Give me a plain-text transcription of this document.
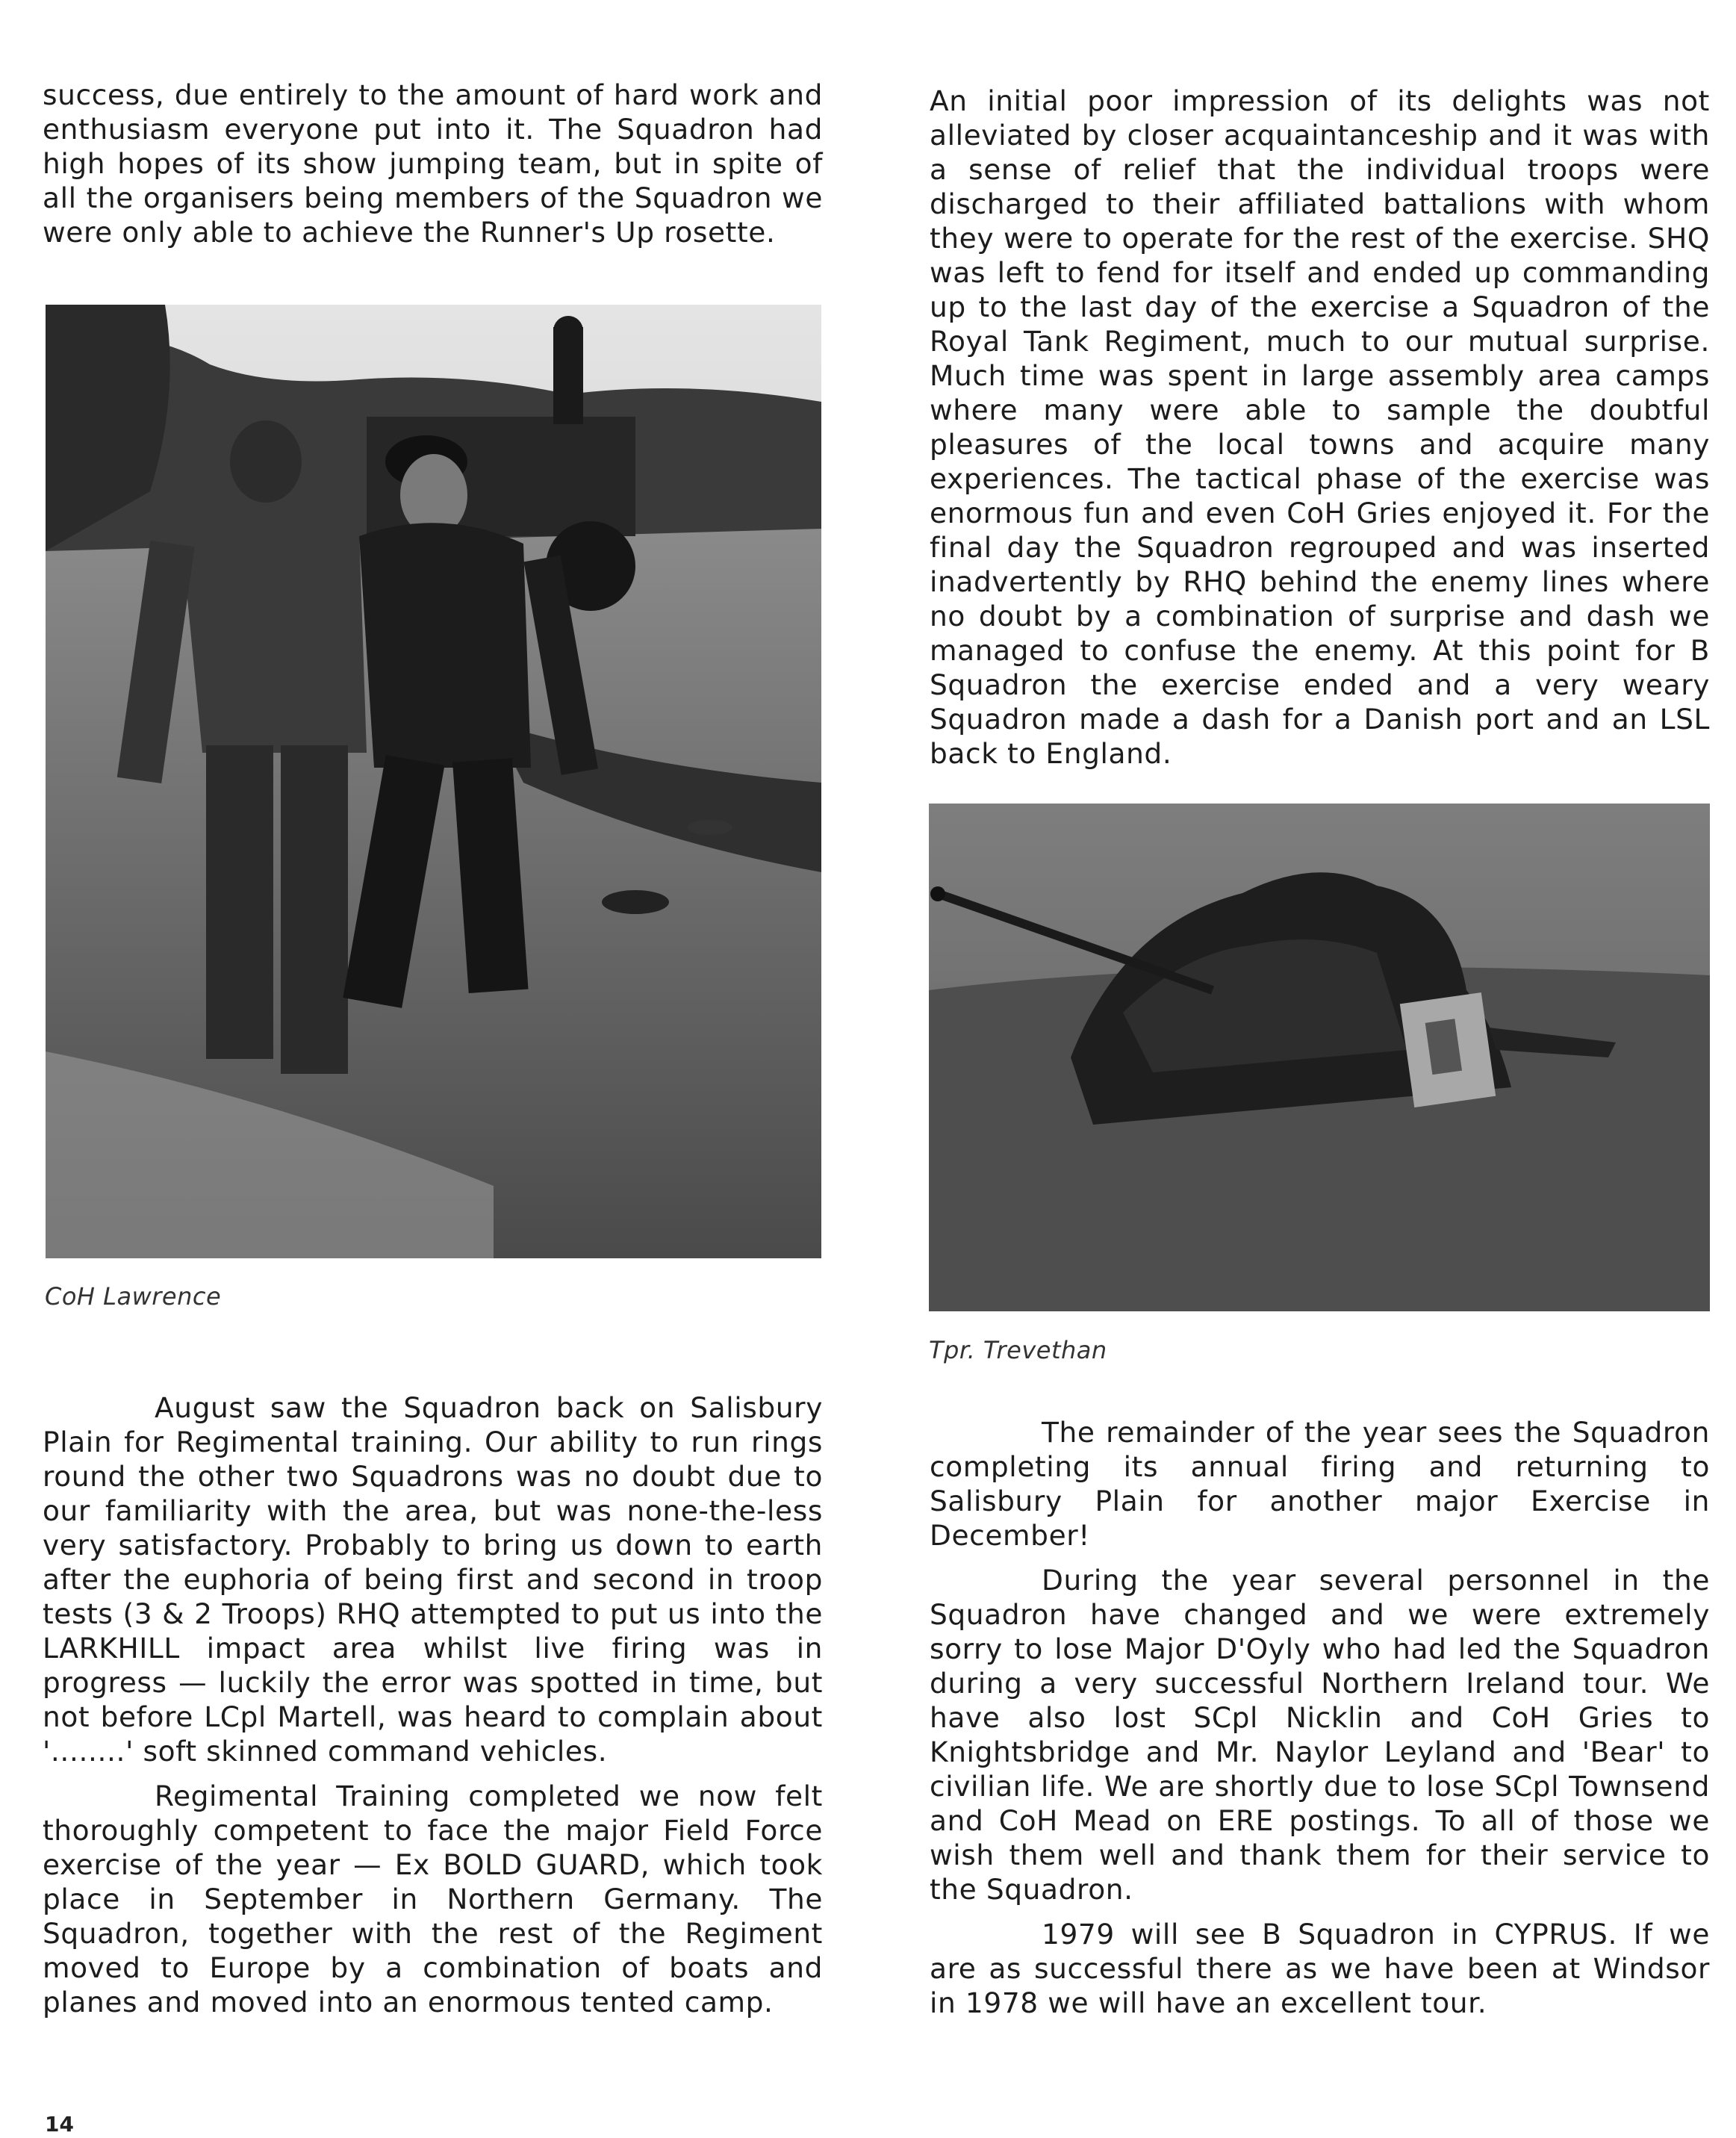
success, due entirely to the amount of hard work and enthusiasm everyone put into it. The Squadron had high hopes of its show jumping team, but in spite of all the organisers being members of the Squadron we were only able to achieve the Runner's Up rosette.

CoH Lawrence

August saw the Squadron back on Salisbury Plain for Regimental training. Our ability to run rings round the other two Squadrons was no doubt due to our familiarity with the area, but was none-the-less very satisfactory. Probably to bring us down to earth after the euphoria of being first and second in troop tests (3 & 2 Troops) RHQ attempted to put us into the LARKHILL impact area whilst live firing was in progress — luckily the error was spotted in time, but not before LCpl Martell, was heard to complain about '........' soft skinned command vehicles.

Regimental Training completed we now felt thoroughly competent to face the major Field Force exercise of the year — Ex BOLD GUARD, which took place in September in Northern Germany. The Squadron, together with the rest of the Regiment moved to Europe by a combination of boats and planes and moved into an enormous tented camp.

An initial poor impression of its delights was not alleviated by closer acquaintanceship and it was with a sense of relief that the individual troops were discharged to their affiliated battalions with whom they were to operate for the rest of the exercise. SHQ was left to fend for itself and ended up commanding up to the last day of the exercise a Squadron of the Royal Tank Regiment, much to our mutual surprise. Much time was spent in large assembly area camps where many were able to sample the doubtful pleasures of the local towns and acquire many experiences. The tactical phase of the exercise was enormous fun and even CoH Gries enjoyed it. For the final day the Squadron regrouped and was inserted inadvertently by RHQ behind the enemy lines where no doubt by a combination of surprise and dash we managed to confuse the enemy. At this point for B Squadron the exercise ended and a very weary Squadron made a dash for a Danish port and an LSL back to England.

Tpr. Trevethan

The remainder of the year sees the Squadron completing its annual firing and returning to Salisbury Plain for another major Exercise in December!

During the year several personnel in the Squadron have changed and we were extremely sorry to lose Major D'Oyly who had led the Squadron during a very successful Northern Ireland tour. We have also lost SCpl Nicklin and CoH Gries to Knightsbridge and Mr. Naylor Leyland and 'Bear' to civilian life. We are shortly due to lose SCpl Townsend and CoH Mead on ERE postings. To all of those we wish them well and thank them for their service to the Squadron.

1979 will see B Squadron in CYPRUS. If we are as successful there as we have been at Windsor in 1978 we will have an excellent tour.

14
